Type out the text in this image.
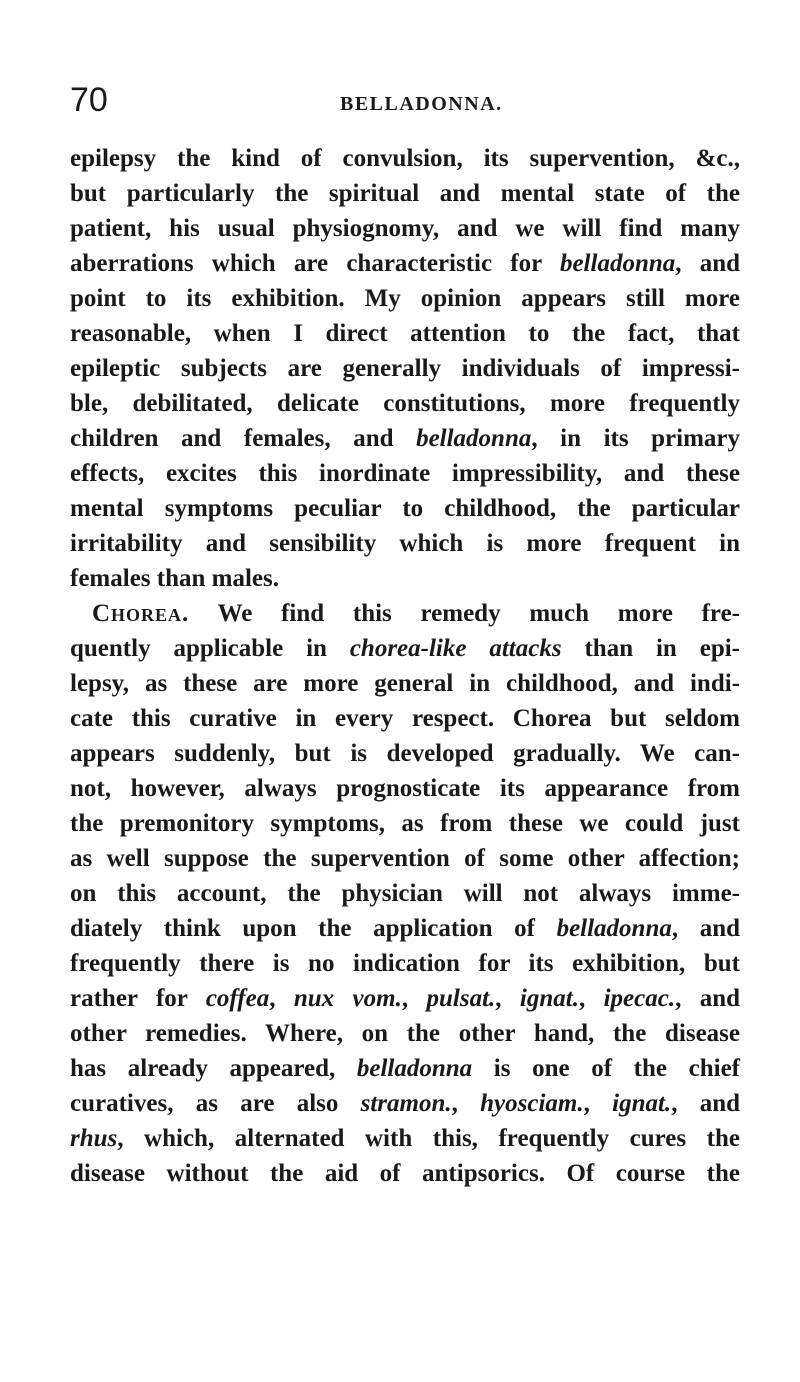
70	BELLADONNA.
epilepsy the kind of convulsion, its supervention, &c.,
but particularly the spiritual and mental state of the
patient, his usual physiognomy, and we will find many
aberrations which are characteristic for belladonna, and
point to its exhibition. My opinion appears still more
reasonable, when I direct attention to the fact, that
epileptic subjects are generally individuals of impressi-
ble, debilitated, delicate constitutions, more frequently
children and females, and belladonna, in its primary
effects, excites this inordinate impressibility, and these
mental symptoms peculiar to childhood, the particular
irritability and sensibility which is more frequent in
females than males.
Chorea. We find this remedy much more fre-
quently applicable in chorea-like attacks than in epi-
lepsy, as these are more general in childhood, and indi-
cate this curative in every respect. Chorea but seldom
appears suddenly, but is developed gradually. We can-
not, however, always prognosticate its appearance from
the premonitory symptoms, as from these we could just
as well suppose the supervention of some other affection;
on this account, the physician will not always imme-
diately think upon the application of belladonna, and
frequently there is no indication for its exhibition, but
rather for coffea, nux vom., pulsat., ignat., ipecac., and
other remedies. Where, on the other hand, the disease
has already appeared, belladonna is one of the chief
curatives, as are also stramon., hyosciam., ignat., and
rhus, which, alternated with this, frequently cures the
disease without the aid of antipsorics. Of course the
